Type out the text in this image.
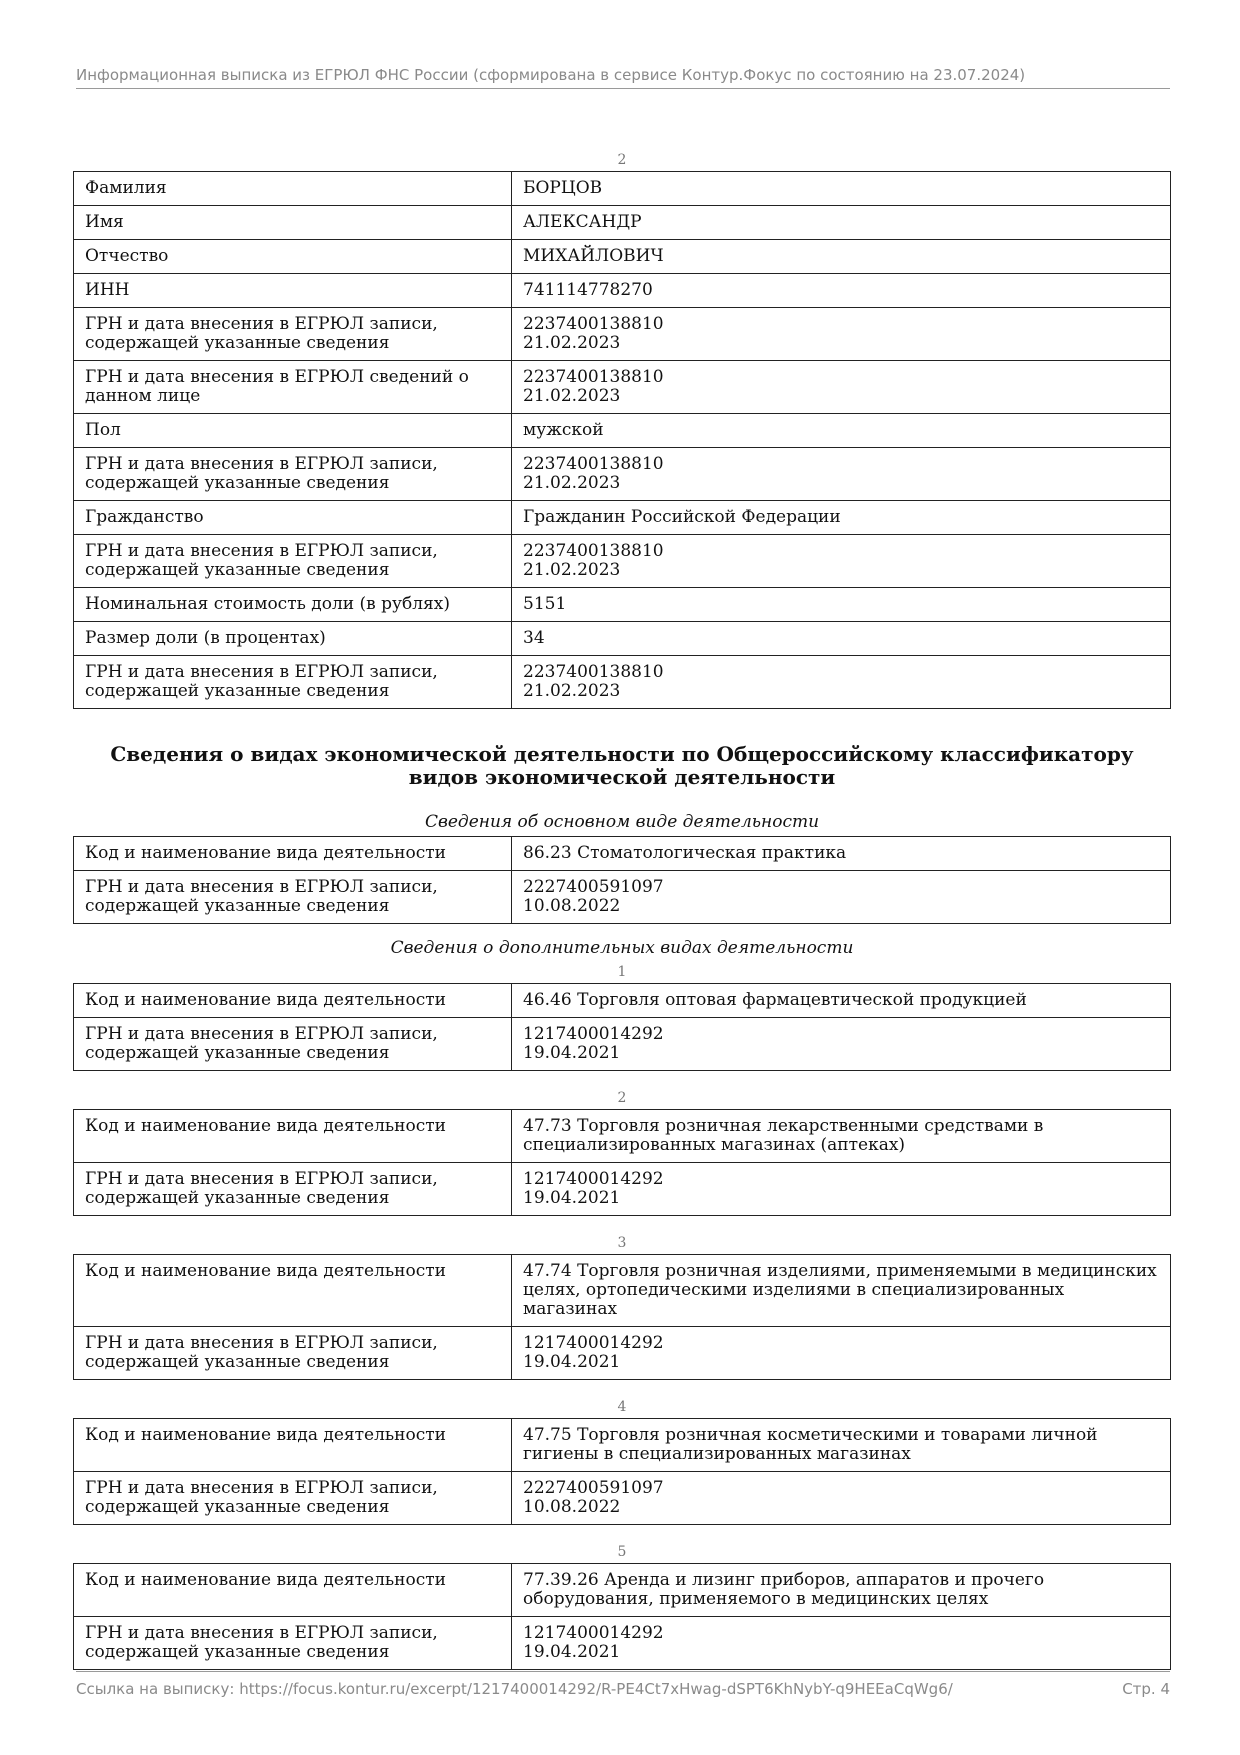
Информационная выписка из ЕГРЮЛ ФНС России (сформирована в сервисе Контур.Фокус по состоянию на 23.07.2024)
2
Фамилия	БОРЦОВ
Имя	АЛЕКСАНДР
Отчество	МИХАЙЛОВИЧ
ИНН	741114778270
ГРН и дата внесения в ЕГРЮЛ записи, содержащей указанные сведения	2237400138810
21.02.2023

ГРН и дата внесения в ЕГРЮЛ сведений о данном лице	2237400138810
21.02.2023

Пол	мужской
ГРН и дата внесения в ЕГРЮЛ записи, содержащей указанные сведения	2237400138810
21.02.2023

Гражданство	Гражданин Российской Федерации
ГРН и дата внесения в ЕГРЮЛ записи, содержащей указанные сведения	2237400138810
21.02.2023

Номинальная стоимость доли (в рублях)	5151
Размер доли (в процентах)	34
ГРН и дата внесения в ЕГРЮЛ записи, содержащей указанные сведения	2237400138810
21.02.2023
Сведения о видах экономической деятельности по Общероссийскому классификатору видов экономической деятельности
Сведения об основном виде деятельности
Код и наименование вида деятельности	86.23 Стоматологическая практика
ГРН и дата внесения в ЕГРЮЛ записи, содержащей указанные сведения	2227400591097
10.08.2022
Сведения о дополнительных видах деятельности
1
Код и наименование вида деятельности	46.46 Торговля оптовая фармацевтической продукцией
ГРН и дата внесения в ЕГРЮЛ записи, содержащей указанные сведения	1217400014292
19.04.2021
2
Код и наименование вида деятельности	47.73 Торговля розничная лекарственными средствами в специализированных магазинах (аптеках)
ГРН и дата внесения в ЕГРЮЛ записи, содержащей указанные сведения	1217400014292
19.04.2021
3
Код и наименование вида деятельности	47.74 Торговля розничная изделиями, применяемыми в медицинских целях, ортопедическими изделиями в специализированных магазинах
ГРН и дата внесения в ЕГРЮЛ записи, содержащей указанные сведения	1217400014292
19.04.2021
4
Код и наименование вида деятельности	47.75 Торговля розничная косметическими и товарами личной гигиены в специализированных магазинах
ГРН и дата внесения в ЕГРЮЛ записи, содержащей указанные сведения	2227400591097
10.08.2022
5
Код и наименование вида деятельности	77.39.26 Аренда и лизинг приборов, аппаратов и прочего оборудования, применяемого в медицинских целях
ГРН и дата внесения в ЕГРЮЛ записи, содержащей указанные сведения	1217400014292
19.04.2021
Ссылка на выписку: https://focus.kontur.ru/excerpt/1217400014292/R-PE4Ct7xHwag-dSPT6KhNybY-q9HEEaCqWg6/	Стр. 4
